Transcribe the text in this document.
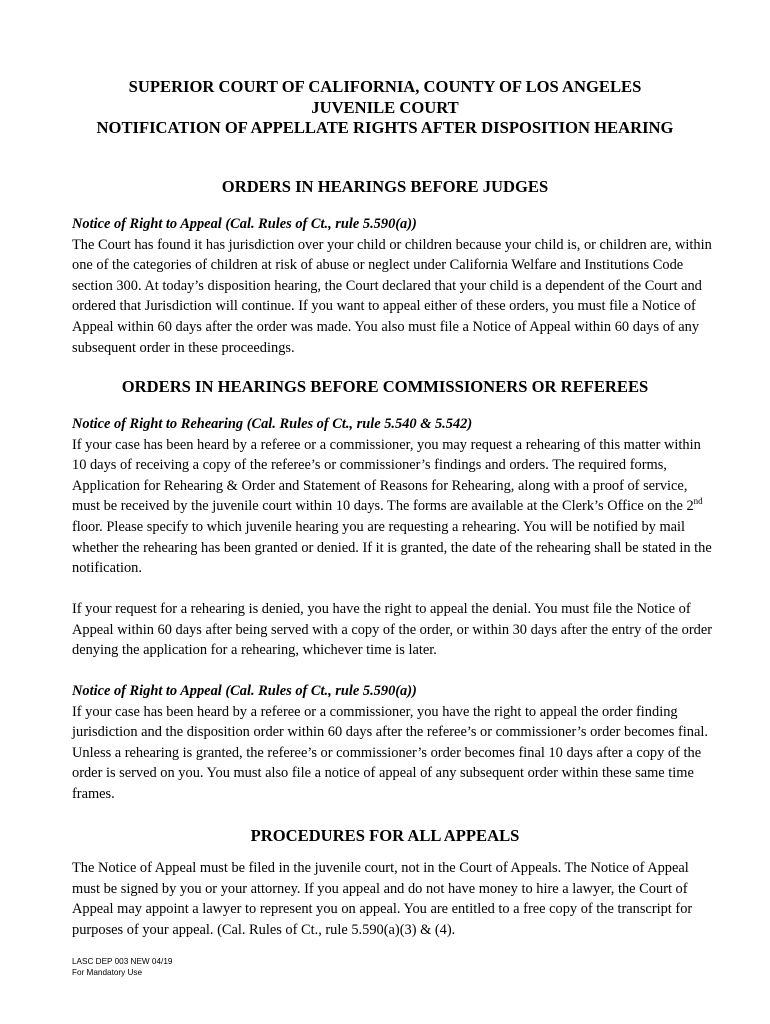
SUPERIOR COURT OF CALIFORNIA, COUNTY OF LOS ANGELES
JUVENILE COURT
NOTIFICATION OF APPELLATE RIGHTS AFTER DISPOSITION HEARING
ORDERS IN HEARINGS BEFORE JUDGES
Notice of Right to Appeal (Cal. Rules of Ct., rule 5.590(a))
The Court has found it has jurisdiction over your child or children because your child is, or children are, within one of the categories of children at risk of abuse or neglect under California Welfare and Institutions Code section 300. At today’s disposition hearing, the Court declared that your child is a dependent of the Court and ordered that Jurisdiction will continue. If you want to appeal either of these orders, you must file a Notice of Appeal within 60 days after the order was made. You also must file a Notice of Appeal within 60 days of any subsequent order in these proceedings.
ORDERS IN HEARINGS BEFORE COMMISSIONERS OR REFEREES
Notice of Right to Rehearing (Cal. Rules of Ct., rule 5.540 & 5.542)
If your case has been heard by a referee or a commissioner, you may request a rehearing of this matter within 10 days of receiving a copy of the referee’s or commissioner’s findings and orders. The required forms, Application for Rehearing & Order and Statement of Reasons for Rehearing, along with a proof of service, must be received by the juvenile court within 10 days. The forms are available at the Clerk’s Office on the 2nd floor. Please specify to which juvenile hearing you are requesting a rehearing. You will be notified by mail whether the rehearing has been granted or denied. If it is granted, the date of the rehearing shall be stated in the notification.
If your request for a rehearing is denied, you have the right to appeal the denial. You must file the Notice of Appeal within 60 days after being served with a copy of the order, or within 30 days after the entry of the order denying the application for a rehearing, whichever time is later.
Notice of Right to Appeal (Cal. Rules of Ct., rule 5.590(a))
If your case has been heard by a referee or a commissioner, you have the right to appeal the order finding jurisdiction and the disposition order within 60 days after the referee’s or commissioner’s order becomes final. Unless a rehearing is granted, the referee’s or commissioner’s order becomes final 10 days after a copy of the order is served on you. You must also file a notice of appeal of any subsequent order within these same time frames.
PROCEDURES FOR ALL APPEALS
The Notice of Appeal must be filed in the juvenile court, not in the Court of Appeals. The Notice of Appeal must be signed by you or your attorney. If you appeal and do not have money to hire a lawyer, the Court of Appeal may appoint a lawyer to represent you on appeal. You are entitled to a free copy of the transcript for purposes of your appeal. (Cal. Rules of Ct., rule 5.590(a)(3) & (4).
LASC DEP 003 NEW 04/19
For Mandatory Use
